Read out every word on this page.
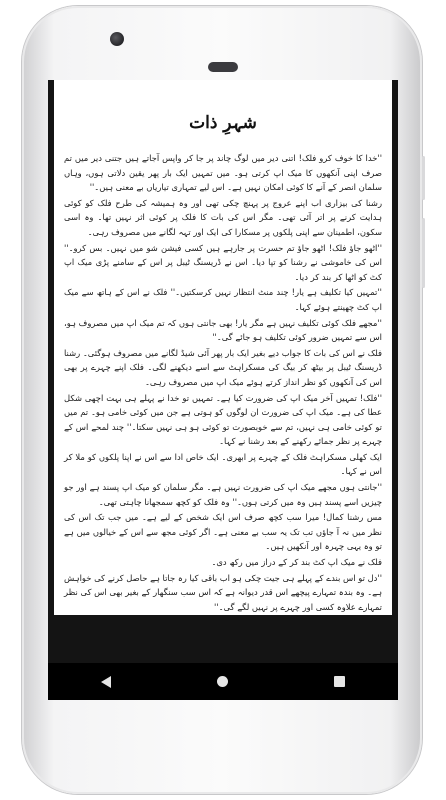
شہرِ ذات

''خدا کا خوف کرو فلک! اتنی دیر میں لوگ چاند پر جا کر واپس آجاتے ہیں جتنی دیر میں تم صرف اپنی آنکھوں کا میک اپ کرتی ہو۔ میں تمہیں ایک بار پھر یقین دلاتی ہوں، وہاں سلمان انصر کے آنے کا کوئی امکان نہیں ہے۔ اس لیے تمہاری تیاریاں بے معنی ہیں۔''

رشنا کی بیزاری اب اپنے عروج پر پہنچ چکی تھی اور وہ ہمیشہ کی طرح فلک کو کوئی ہدایت کرنے پر اتر آئی تھی۔ مگر اس کی بات کا فلک پر کوئی اثر نہیں تھا۔ وہ اسی سکون، اطمینان سے اپنی پلکوں پر مسکارا کی ایک اور تہہ لگانے میں مصروف رہی۔

''اٹھو جاؤ فلک! اٹھو جاؤ تم حسرت پر جارہے ہیں کسی فیشن شو میں نہیں۔ بس کرو۔'' اس کی خاموشی نے رشنا کو تپا دیا۔ اس نے ڈریسنگ ٹیبل پر اس کے سامنے پڑی میک اپ کٹ کو اٹھا کر بند کر دیا۔

''تمہیں کیا تکلیف ہے یار! چند منٹ انتظار نہیں کرسکتیں۔'' فلک نے اس کے ہاتھ سے میک اپ کٹ چھینتے ہوئے کہا۔

''مجھے فلک کوئی تکلیف نہیں ہے مگر یار! بھی جانتی ہوں کہ تم میک اپ میں مصروف ہو، اس سے تمہیں ضرور کوئی تکلیف ہو جائے گی۔''

فلک نے اس کی بات کا جواب دیے بغیر ایک بار پھر آئی شیڈ لگانے میں مصروف ہوگئی۔ رشنا ڈریسنگ ٹیبل پر بیٹھ کر بیگ کی مسکراہٹ سے اسے دیکھنے لگی۔ فلک اپنے چہرے پر بھی اس کی آنکھوں کو نظر انداز کرتے ہوئے میک اپ میں مصروف رہی۔

''فلک! تمہیں آخر میک اپ کی ضرورت کیا ہے۔ تمہیں تو خدا نے پہلے ہی بہت اچھی شکل عطا کی ہے۔ میک اپ کی ضرورت ان لوگوں کو ہوتی ہے جن میں کوئی خامی ہو۔ تم میں تو کوئی خامی ہی نہیں، تم سے خوبصورت تو کوئی ہو ہی نہیں سکتا۔'' چند لمحے اس کے چہرے پر نظر جمائے رکھنے کے بعد رشنا نے کہا۔

ایک کھلی مسکراہٹ فلک کے چہرے پر ابھری۔ ایک خاص ادا سے اس نے اپنا پلکوں کو ملا کر اس نے کہا۔

''جانتی ہوں مجھے میک اپ کی ضرورت نہیں ہے۔ مگر سلمان کو میک اپ پسند ہے اور جو چیزیں اسے پسند ہیں وہ میں کرتی ہوں۔'' وہ فلک کو کچھ سمجھانا چاہتی تھی۔

مس رشنا کمال! میرا سب کچھ صرف اس ایک شخص کے لیے ہے۔ میں جب تک اس کی نظر میں نہ آ جاؤں تب تک یہ سب بے معنی ہے۔ اگر کوئی مجھ سے اس کے خیالوں میں ہے تو وہ یہی چہرہ اور آنکھیں ہیں۔

فلک نے میک اپ کٹ بند کر کے دراز میں رکھ دی۔

''دل تو اس بندے کے پہلے ہی جیت چکی ہو اب باقی کیا رہ جاتا ہے حاصل کرنے کی خواہش ہے۔ وہ بندہ تمہارے پیچھے اس قدر دیوانہ ہے کہ اس سب سنگھار کے بغیر بھی اس کی نظر تمہارے علاوہ کسی اور چہرے پر نہیں لگے گی۔''
